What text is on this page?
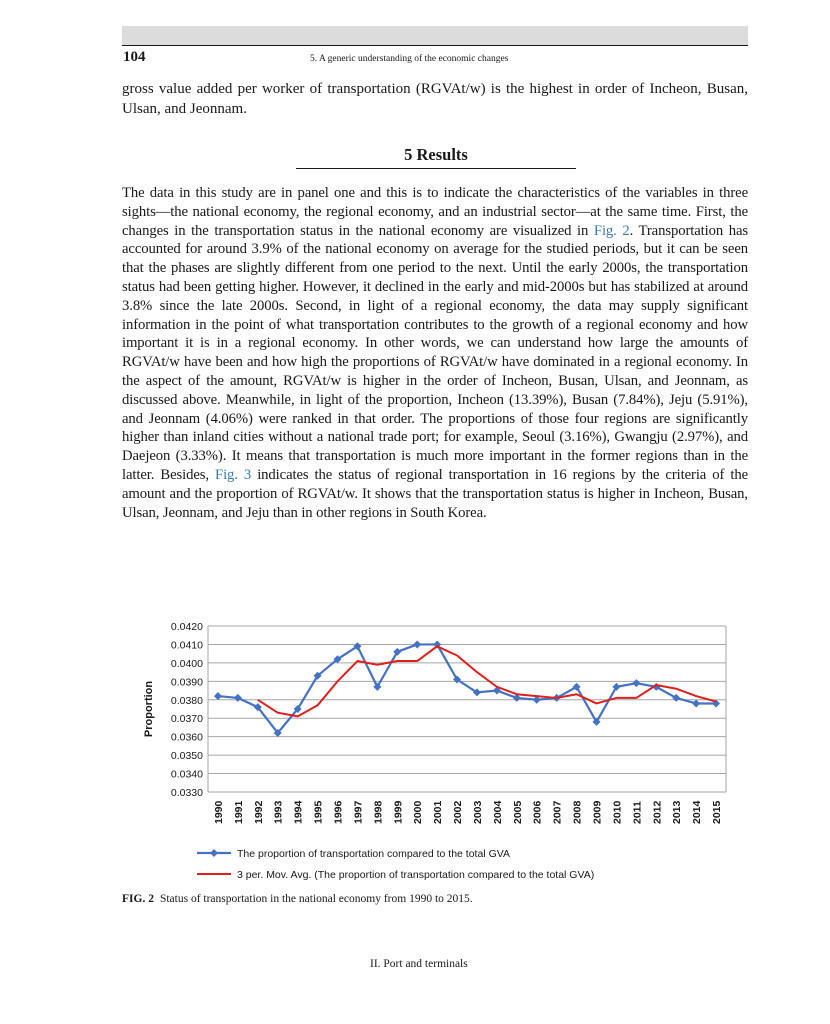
104	5. A generic understanding of the economic changes

gross value added per worker of transportation (RGVAt/w) is the highest in order of Incheon, Busan, Ulsan, and Jeonnam.

5 Results

The data in this study are in panel one and this is to indicate the characteristics of the variables in three sights—the national economy, the regional economy, and an industrial sector—at the same time. First, the changes in the transportation status in the national economy are visualized in Fig. 2. Transportation has accounted for around 3.9% of the national economy on average for the studied periods, but it can be seen that the phases are slightly different from one period to the next. Until the early 2000s, the transportation status had been getting higher. However, it declined in the early and mid-2000s but has stabilized at around 3.8% since the late 2000s. Second, in light of a regional economy, the data may supply significant information in the point of what transportation contributes to the growth of a regional economy and how important it is in a regional economy. In other words, we can understand how large the amounts of RGVAt/w have been and how high the proportions of RGVAt/w have dominated in a regional economy. In the aspect of the amount, RGVAt/w is higher in the order of Incheon, Busan, Ulsan, and Jeonnam, as discussed above. Meanwhile, in light of the proportion, Incheon (13.39%), Busan (7.84%), Jeju (5.91%), and Jeonnam (4.06%) were ranked in that order. The proportions of those four regions are significantly higher than inland cities without a national trade port; for example, Seoul (3.16%), Gwangju (2.97%), and Daejeon (3.33%). It means that transportation is much more important in the former regions than in the latter. Besides, Fig. 3 indicates the status of regional transportation in 16 regions by the criteria of the amount and the proportion of RGVAt/w. It shows that the transportation status is higher in Incheon, Busan, Ulsan, Jeonnam, and Jeju than in other regions in South Korea.

0.0330
0.0340
0.0350
0.0360
0.0370
0.0380
0.0390
0.0400
0.0410
0.0420
Proportion
1990 1991 1992 1993 1994 1995 1996 1997 1998 1999 2000 2001 2002 2003 2004 2005 2006 2007 2008 2009 2010 2011 2012 2013 2014 2015
The proportion of transportation compared to the total GVA
3 per. Mov. Avg. (The proportion of transportation compared to the total GVA)
FIG. 2 Status of transportation in the national economy from 1990 to 2015.
II. Port and terminals
